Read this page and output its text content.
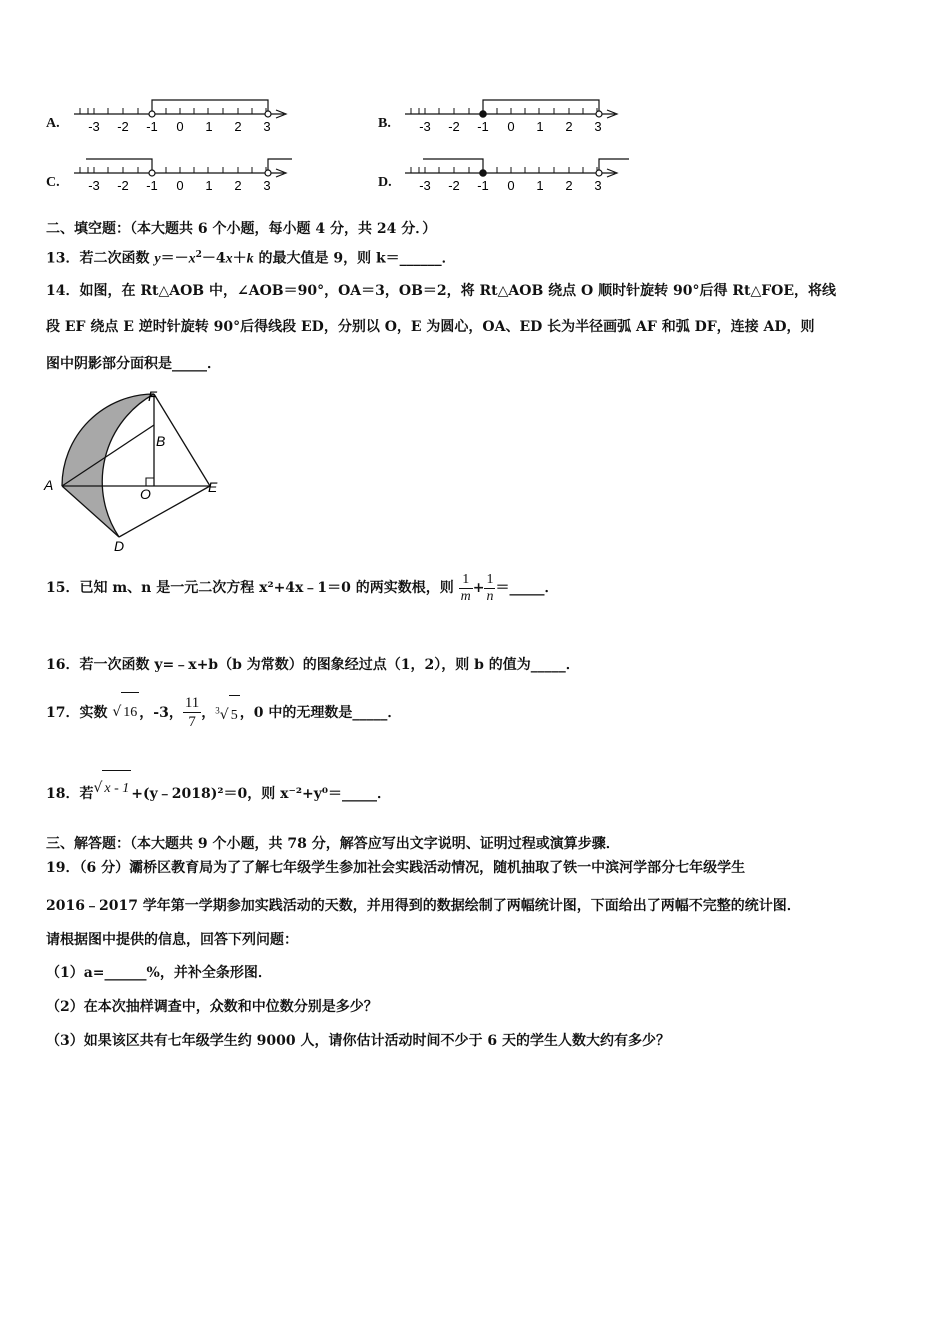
A. -3 -2 -1 0 1 2 3	B. -3 -2 -1 0 1 2 3
C. -3 -2 -1 0 1 2 3	D. -3 -2 -1 0 1 2 3
二、填空题：（本大题共 6 个小题，每小题 4 分，共 24 分．）
13．若二次函数 $y=-x^2-4x+k$ 的最大值是 9，则 k＝______．
14．如图，在 Rt△AOB 中，∠AOB＝90°，OA＝3，OB＝2，将 Rt△AOB 绕点 O 顺时针旋转 90°后得 Rt△FOE，将线
段 EF 绕点 E 逆时针旋转 90°后得线段 ED，分别以 O，E 为圆心，OA、ED 长为半径画弧 AF 和弧 DF，连接 AD，则
图中阴影部分面积是_____．
F
B
A
O	E
D
15．已知 m、n 是一元二次方程 x²+4x﹣1＝0 的两实数根，则 $\frac{1}{m} + \frac{1}{n}$ ＝_____．
16．若一次函数 y=﹣x+b（b 为常数）的图象经过点（1，2），则 b 的值为_____．
17．实数 √ 16 ，-3， $\frac{11}{7}$ ，$^3$√ 5 ，0 中的无理数是_____．
18．若√ x - 1 +(y﹣2018)²＝0，则 x⁻²+y⁰＝_____．
三、解答题：（本大题共 9 个小题，共 78 分，解答应写出文字说明、证明过程或演算步骤．
19．（6 分）灞桥区教育局为了了解七年级学生参加社会实践活动情况，随机抽取了铁一中滨河学部分七年级学生
2016﹣2017 学年第一学期参加实践活动的天数，并用得到的数据绘制了两幅统计图，下面给出了两幅不完整的统计图．
请根据图中提供的信息，回答下列问题：
（1）a=______%，并补全条形图．
（2）在本次抽样调查中，众数和中位数分别是多少？
（3）如果该区共有七年级学生约 9000 人，请你估计活动时间不少于 6 天的学生人数大约有多少？
